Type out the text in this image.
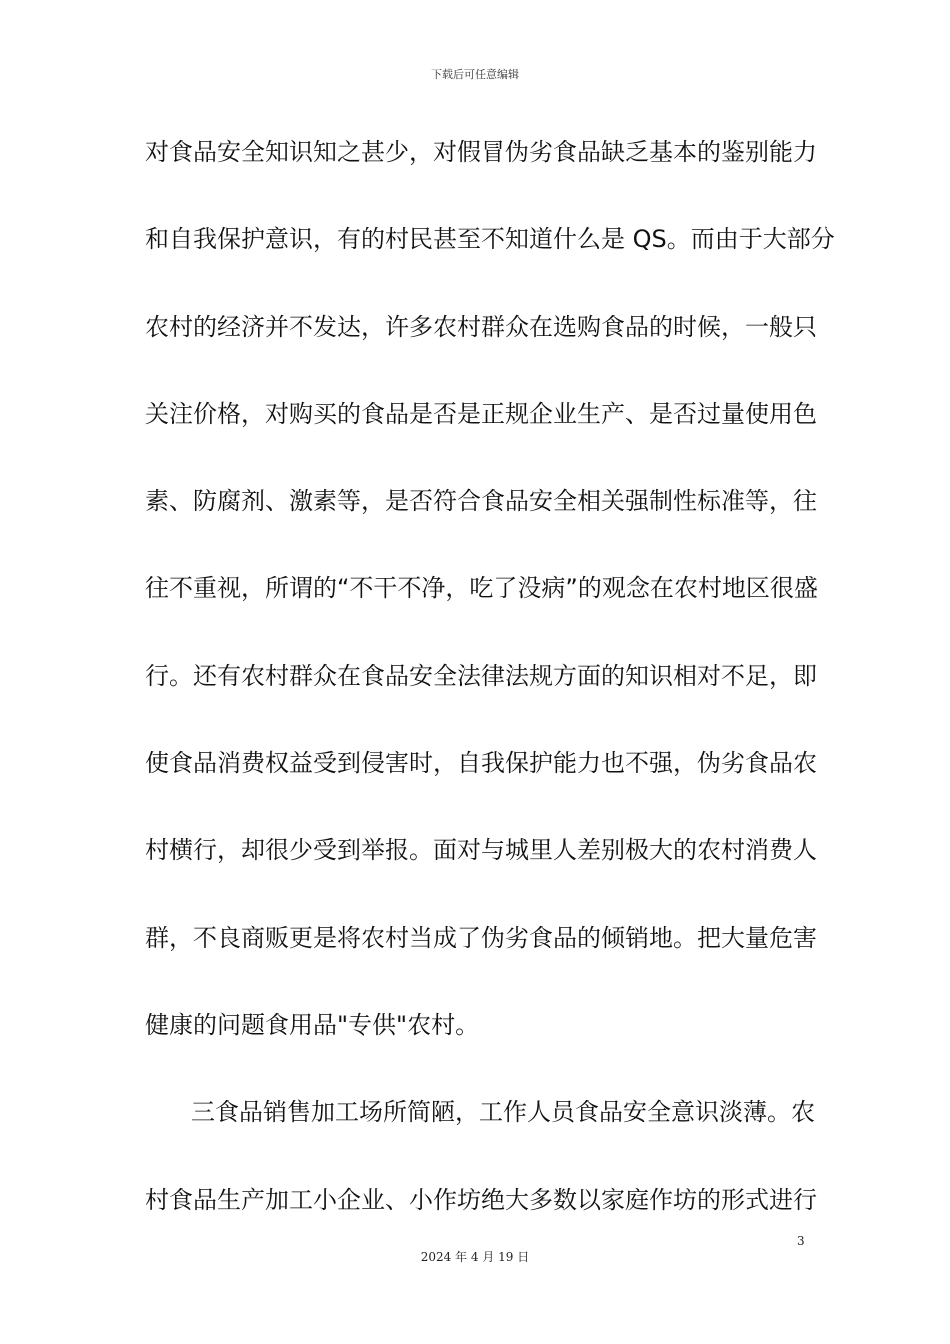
下载后可任意编辑
对食品安全知识知之甚少，对假冒伪劣食品缺乏基本的鉴别能力
和自我保护意识，有的村民甚至不知道什么是 QS。而由于大部分
农村的经济并不发达，许多农村群众在选购食品的时候，一般只
关注价格，对购买的食品是否是正规企业生产、是否过量使用色
素、防腐剂、激素等，是否符合食品安全相关强制性标准等，往
往不重视，所谓的“不干不净，吃了没病”的观念在农村地区很盛
行。还有农村群众在食品安全法律法规方面的知识相对不足，即
使食品消费权益受到侵害时，自我保护能力也不强，伪劣食品农
村横行，却很少受到举报。面对与城里人差别极大的农村消费人
群，不良商贩更是将农村当成了伪劣食品的倾销地。把大量危害
健康的问题食用品"专供"农村。
三食品销售加工场所简陋，工作人员食品安全意识淡薄。农
村食品生产加工小企业、小作坊绝大多数以家庭作坊的形式进行
3
2024 年 4 月 19 日
